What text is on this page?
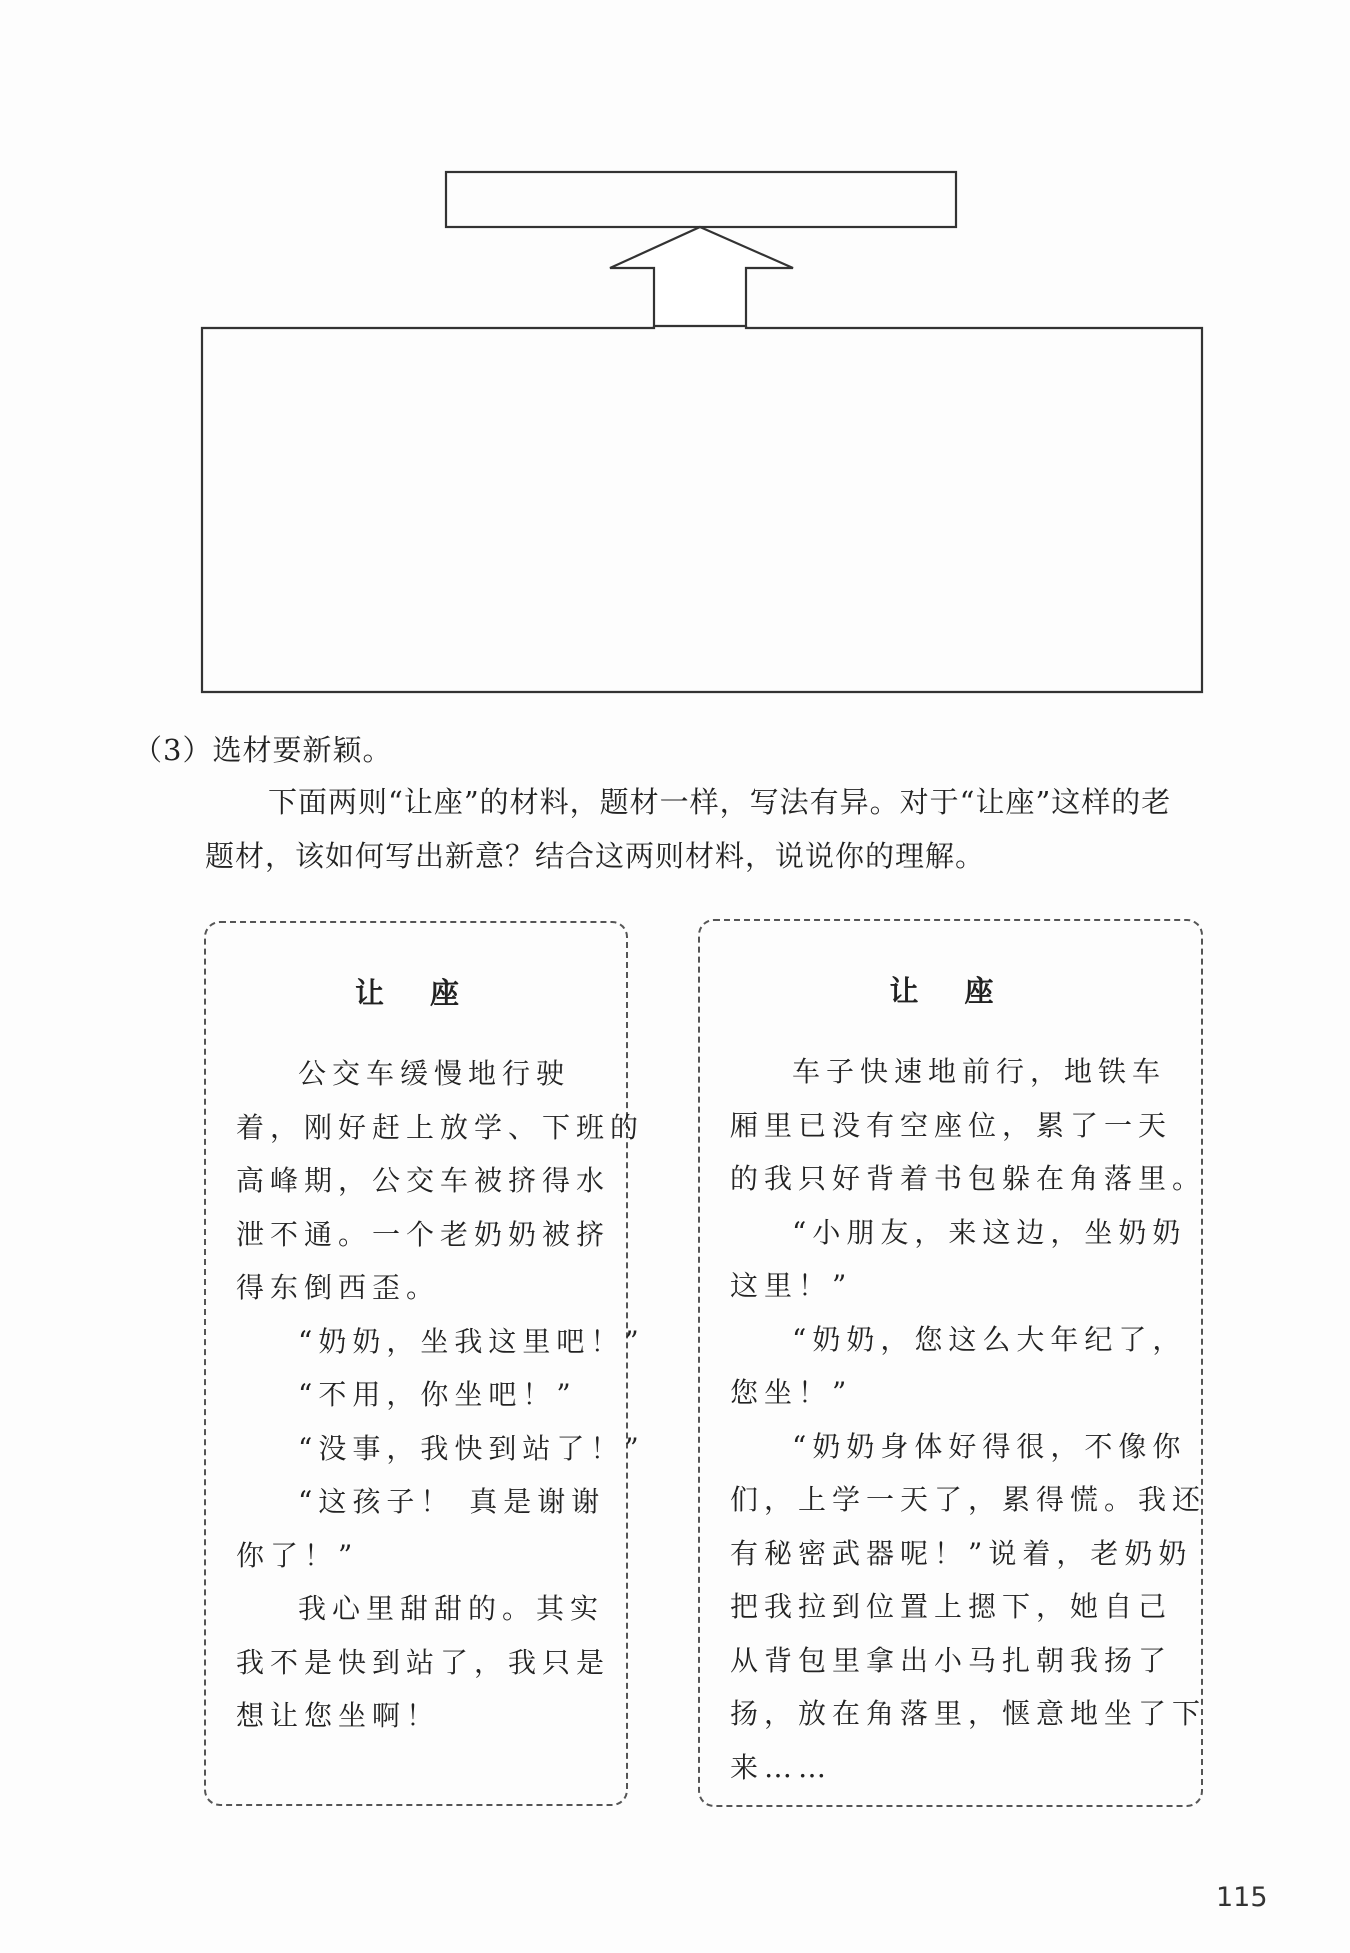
（3）选材要新颖。
下面两则“让座”的材料，题材一样，写法有异。对于“让座”这样的老
题材，该如何写出新意？结合这两则材料，说说你的理解。
让 座
公交车缓慢地行驶
着，刚好赶上放学、下班的
高峰期，公交车被挤得水
泄不通。一个老奶奶被挤
得东倒西歪。
“奶奶，坐我这里吧！”
“不用，你坐吧！”
“没事，我快到站了！”
“这孩子！ 真是谢谢
你了！”
我心里甜甜的。其实
我不是快到站了，我只是
想让您坐啊！
让 座
车子快速地前行，地铁车
厢里已没有空座位，累了一天
的我只好背着书包躲在角落里。
“小朋友，来这边，坐奶奶
这里！”
“奶奶，您这么大年纪了，
您坐！”
“奶奶身体好得很，不像你
们，上学一天了，累得慌。我还
有秘密武器呢！”说着，老奶奶
把我拉到位置上摁下，她自己
从背包里拿出小马扎朝我扬了
扬，放在角落里，惬意地坐了下
来……
115
